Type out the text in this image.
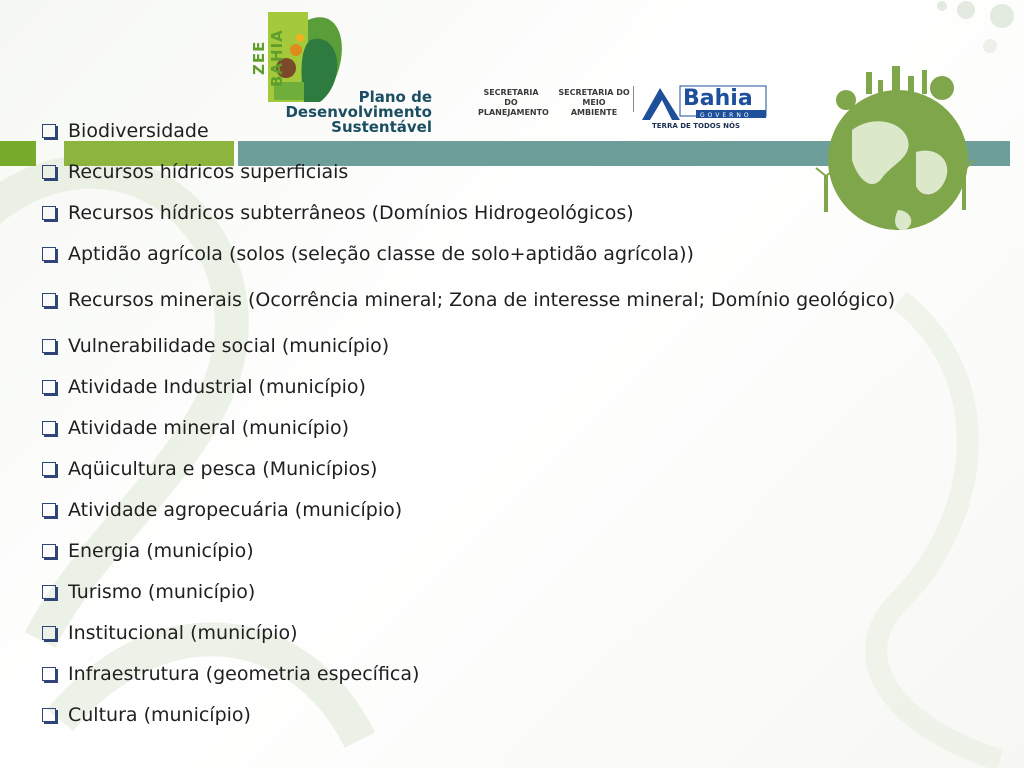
ZEE BAHIA
Plano de
Desenvolvimento
Sustentável
SECRETARIA DO
PLANEJAMENTO
SECRETARIA DO
MEIO AMBIENTE
Bahia
GOVERNO
TERRA DE TODOS NÓS
Biodiversidade
Recursos hídricos superficiais
Recursos hídricos subterrâneos (Domínios Hidrogeológicos)
Aptidão agrícola (solos (seleção classe de solo+aptidão agrícola))
Recursos minerais (Ocorrência mineral; Zona de interesse mineral; Domínio geológico)
Vulnerabilidade social (município)
Atividade Industrial (município)
Atividade mineral (município)
Aqüicultura e pesca (Municípios)
Atividade agropecuária (município)
Energia (município)
Turismo (município)
Institucional (município)
Infraestrutura (geometria específica)
Cultura (município)
